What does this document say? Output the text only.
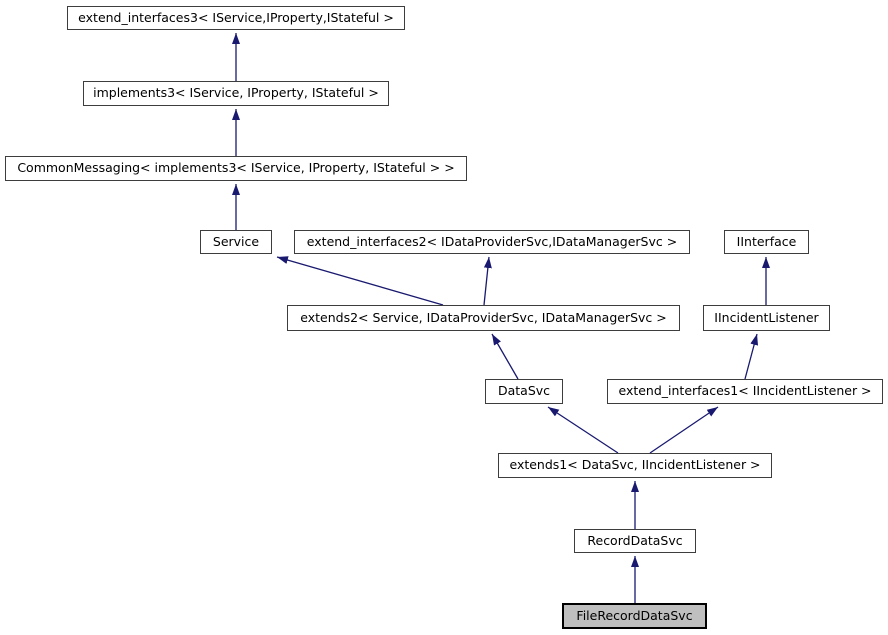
extend_interfaces3< IService,IProperty,IStateful >
implements3< IService, IProperty, IStateful >
CommonMessaging< implements3< IService, IProperty, IStateful > >
Service	extend_interfaces2< IDataProviderSvc,IDataManagerSvc >	IInterface
extends2< Service, IDataProviderSvc, IDataManagerSvc >	IIncidentListener
DataSvc	extend_interfaces1< IIncidentListener >
extends1< DataSvc, IIncidentListener >
RecordDataSvc
FileRecordDataSvc
